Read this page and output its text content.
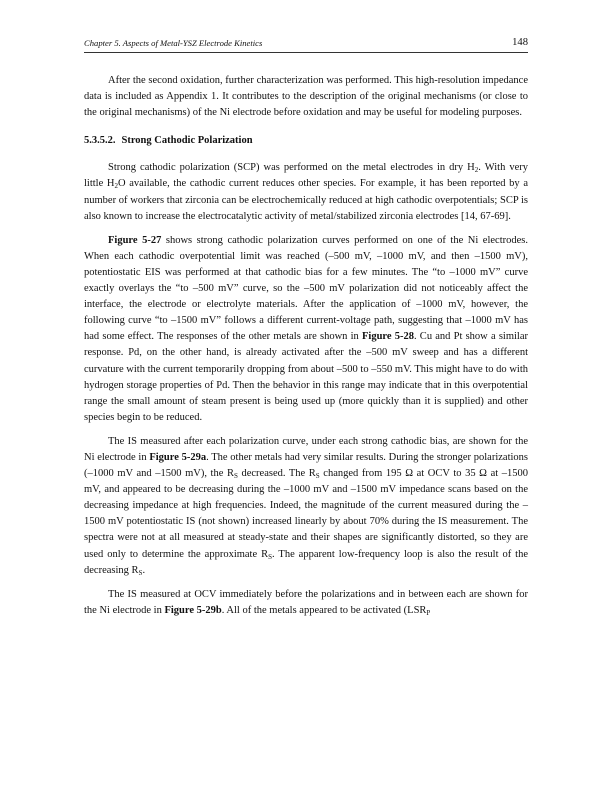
Chapter 5. Aspects of Metal-YSZ Electrode Kinetics	148

After the second oxidation, further characterization was performed. This high-resolution impedance data is included as Appendix 1. It contributes to the description of the original mechanisms (or close to the original mechanisms) of the Ni electrode before oxidation and may be useful for modeling purposes.

5.3.5.2. Strong Cathodic Polarization

Strong cathodic polarization (SCP) was performed on the metal electrodes in dry $H_2$. With very little $H_2O$ available, the cathodic current reduces other species. For example, it has been reported by a number of workers that zirconia can be electrochemically reduced at high cathodic overpotentials; SCP is also known to increase the electrocatalytic activity of metal/stabilized zirconia electrodes [14, 67-69].

Figure 5-27 shows strong cathodic polarization curves performed on one of the Ni electrodes. When each cathodic overpotential limit was reached (–500 mV, –1000 mV, and then –1500 mV), potentiostatic EIS was performed at that cathodic bias for a few minutes. The “to –1000 mV” curve exactly overlays the “to –500 mV” curve, so the –500 mV polarization did not noticeably affect the interface, the electrode or electrolyte materials. After the application of –1000 mV, however, the following curve “to –1500 mV” follows a different current-voltage path, suggesting that –1000 mV has had some effect. The responses of the other metals are shown in Figure 5-28. Cu and Pt show a similar response. Pd, on the other hand, is already activated after the –500 mV sweep and has a different curvature with the current temporarily dropping from about –500 to –550 mV. This might have to do with hydrogen storage properties of Pd. Then the behavior in this range may indicate that in this overpotential range the small amount of steam present is being used up (more quickly than it is supplied) and other species begin to be reduced.

The IS measured after each polarization curve, under each strong cathodic bias, are shown for the Ni electrode in Figure 5-29a. The other metals had very similar results. During the stronger polarizations (–1000 mV and –1500 mV), the $R_S$ decreased. The $R_S$ changed from 195 Ω at OCV to 35 Ω at –1500 mV, and appeared to be decreasing during the –1000 mV and –1500 mV impedance scans based on the decreasing impedance at high frequencies. Indeed, the magnitude of the current measured during the –1500 mV potentiostatic IS (not shown) increased linearly by about 70% during the IS measurement. The spectra were not at all measured at steady-state and their shapes are significantly distorted, so they are used only to determine the approximate $R_S$. The apparent low-frequency loop is also the result of the decreasing $R_S$.

The IS measured at OCV immediately before the polarizations and in between each are shown for the Ni electrode in Figure 5-29b. All of the metals appeared to be activated ($LSR_P$
